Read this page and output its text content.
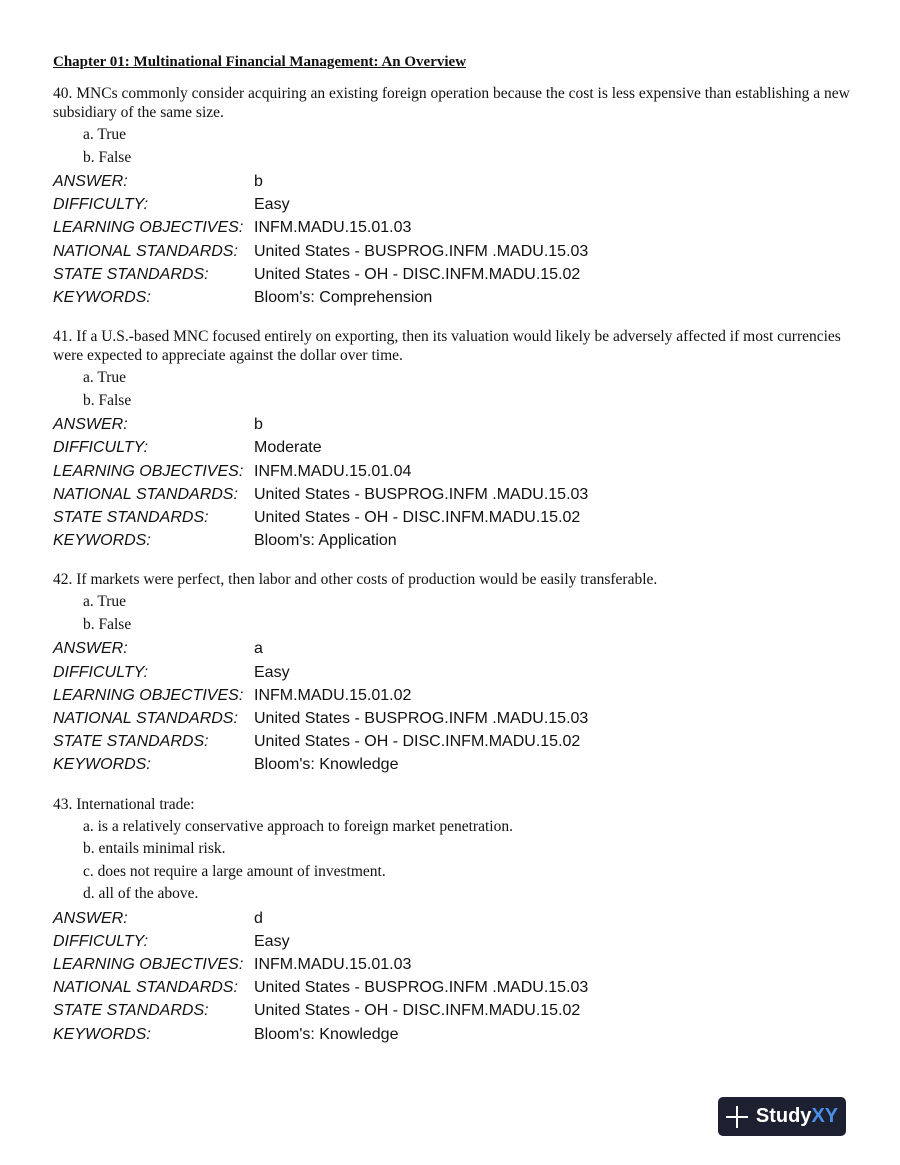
Chapter 01: Multinational Financial Management: An Overview

40. MNCs commonly consider acquiring an existing foreign operation because the cost is less expensive than establishing a new subsidiary of the same size.

a. True
b. False
ANSWER:	b
DIFFICULTY:	Easy
LEARNING OBJECTIVES: INFM.MADU.15.01.03
NATIONAL STANDARDS:	United States - BUSPROG.INFM .MADU.15.03
STATE STANDARDS:	United States - OH - DISC.INFM.MADU.15.02
KEYWORDS:	Bloom's: Comprehension

41. If a U.S.-based MNC focused entirely on exporting, then its valuation would likely be adversely affected if most currencies were expected to appreciate against the dollar over time.

a. True
b. False
ANSWER:	b
DIFFICULTY:	Moderate
LEARNING OBJECTIVES: INFM.MADU.15.01.04
NATIONAL STANDARDS:	United States - BUSPROG.INFM .MADU.15.03
STATE STANDARDS:	United States - OH - DISC.INFM.MADU.15.02
KEYWORDS:	Bloom's: Application

42. If markets were perfect, then labor and other costs of production would be easily transferable.

a. True
b. False
ANSWER:	a
DIFFICULTY:	Easy
LEARNING OBJECTIVES: INFM.MADU.15.01.02
NATIONAL STANDARDS:	United States - BUSPROG.INFM .MADU.15.03
STATE STANDARDS:	United States - OH - DISC.INFM.MADU.15.02
KEYWORDS:	Bloom's: Knowledge

43. International trade:

a. is a relatively conservative approach to foreign market penetration.
b. entails minimal risk.
c. does not require a large amount of investment.
d. all of the above.
ANSWER:	d
DIFFICULTY:	Easy
LEARNING OBJECTIVES: INFM.MADU.15.01.03
NATIONAL STANDARDS:	United States - BUSPROG.INFM .MADU.15.03
STATE STANDARDS:	United States - OH - DISC.INFM.MADU.15.02
KEYWORDS:	Bloom's: Knowledge
StudyXY
